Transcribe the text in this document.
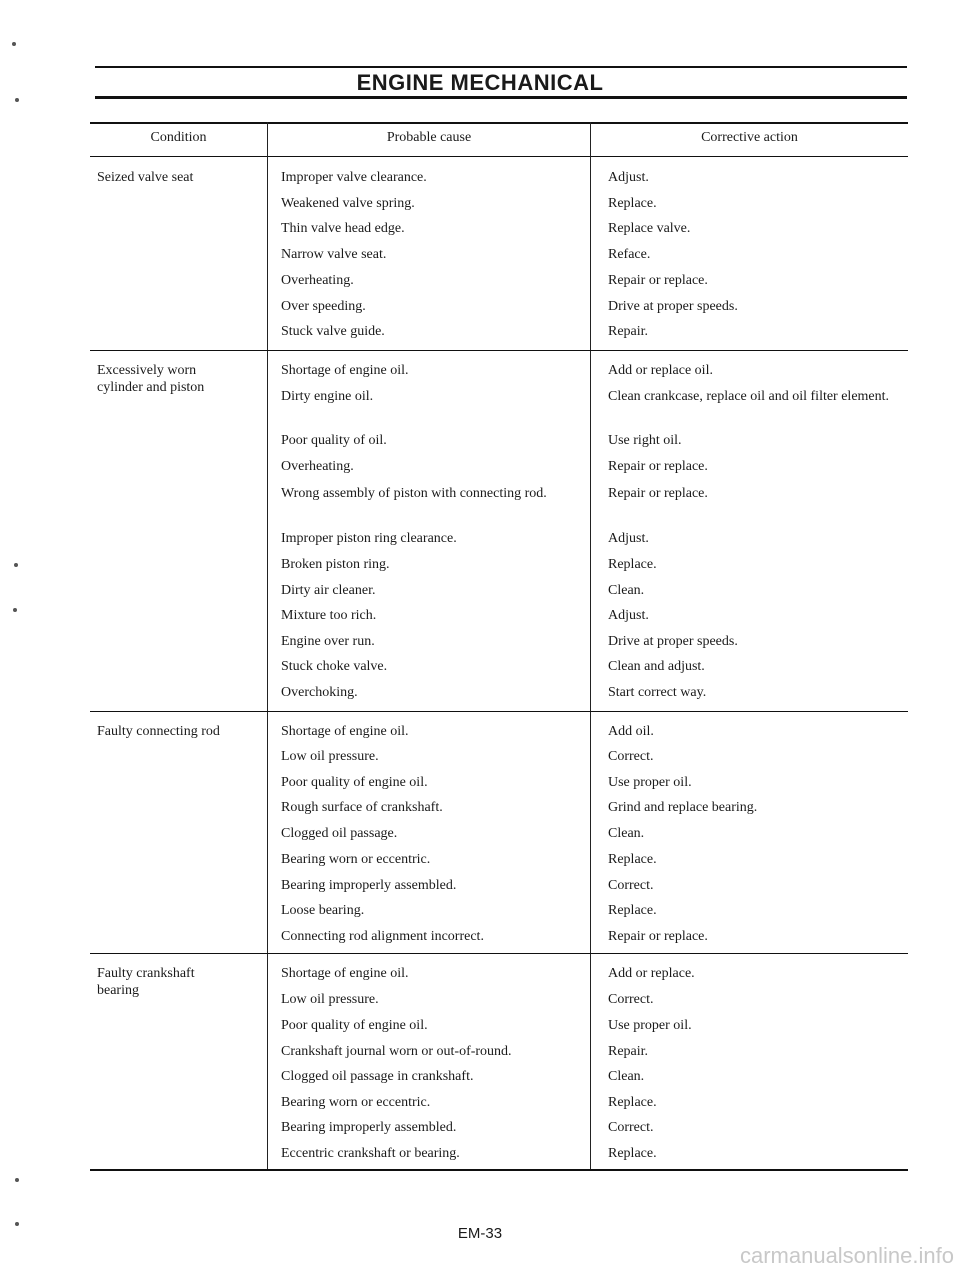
ENGINE MECHANICAL
Condition	Probable cause	Corrective action
Seized valve seat	Improper valve clearance.	Adjust.
Weakened valve spring.	Replace.
Thin valve head edge.	Replace valve.
Narrow valve seat.	Reface.
Overheating.	Repair or replace.
Over speeding.	Drive at proper speeds.
Stuck valve guide.	Repair.
Excessively worn cylinder and piston
Shortage of engine oil.	Add or replace oil.
Dirty engine oil.	Clean crankcase, replace oil and oil filter element.
Poor quality of oil.	Use right oil.
Overheating.	Repair or replace.
Wrong assembly of piston with connecting rod.	Repair or replace.
Improper piston ring clearance.	Adjust.
Broken piston ring.	Replace.
Dirty air cleaner.	Clean.
Mixture too rich.	Adjust.
Engine over run.	Drive at proper speeds.
Stuck choke valve.	Clean and adjust.
Overchoking.	Start correct way.
Faulty connecting rod	Shortage of engine oil.	Add oil.
Low oil pressure.	Correct.
Poor quality of engine oil.	Use proper oil.
Rough surface of crankshaft.	Grind and replace bearing.
Clogged oil passage.	Clean.
Bearing worn or eccentric.	Replace.
Bearing improperly assembled.	Correct.
Loose bearing.	Replace.
Connecting rod alignment incorrect.	Repair or replace.
Faulty crankshaft bearing
Shortage of engine oil.	Add or replace.
Low oil pressure.	Correct.
Poor quality of engine oil.	Use proper oil.
Crankshaft journal worn or out-of-round.	Repair.
Clogged oil passage in crankshaft.	Clean.
Bearing worn or eccentric.	Replace.
Bearing improperly assembled.	Correct.
Eccentric crankshaft or bearing.	Replace.
EM-33
carmanualsonline.info
